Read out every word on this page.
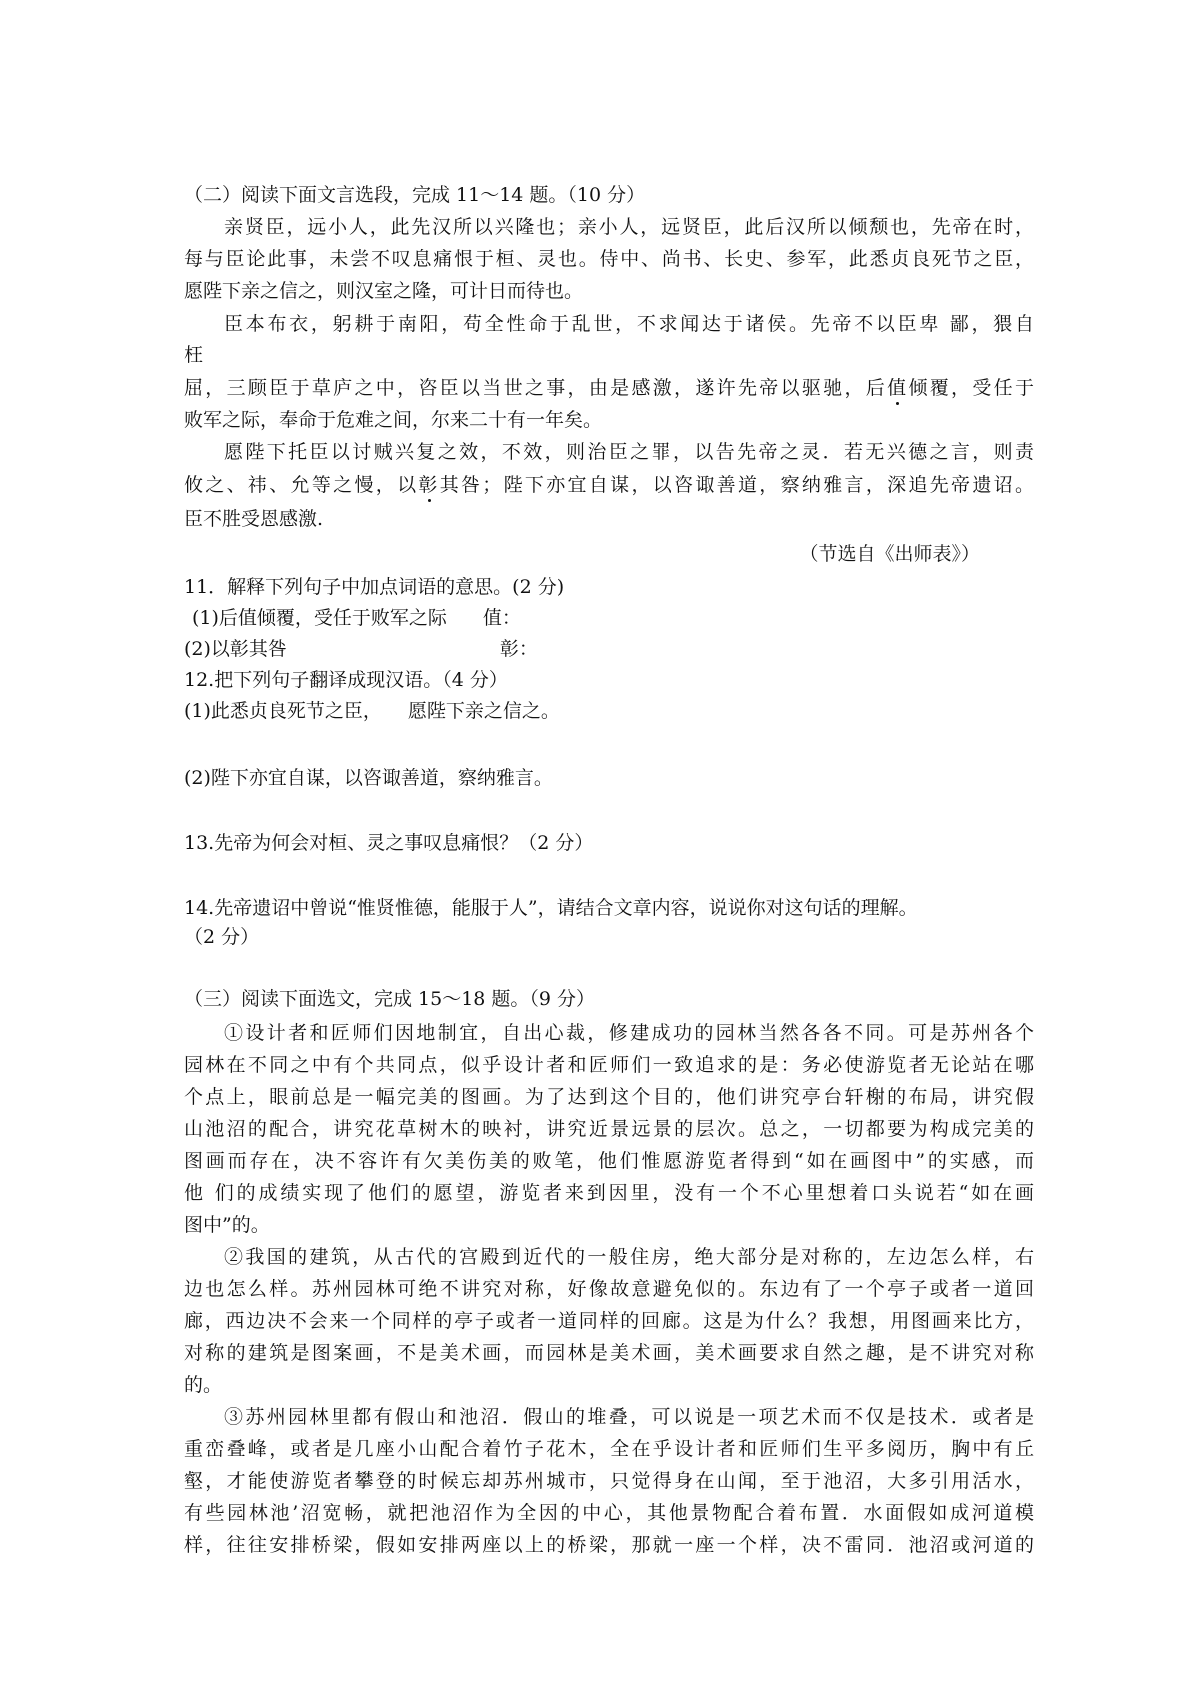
（二）阅读下面文言选段，完成 11～14 题。（10 分）
亲贤臣，远小人，此先汉所以兴隆也；亲小人，远贤臣，此后汉所以倾颓也，先帝在时，
每与臣论此事，未尝不叹息痛恨于桓、灵也。侍中、尚书、长史、参军，此悉贞良死节之臣，
愿陛下亲之信之，则汉室之隆，可计日而待也。
臣本布衣，躬耕于南阳，苟全性命于乱世，不求闻达于诸侯。先帝不以臣卑 鄙，猥自
枉
屈，三顾臣于草庐之中，咨臣以当世之事，由是感激，遂许先帝以驱驰，后值倾覆，受任于
败军之际，奉命于危难之间，尔来二十有一年矣。
愿陛下托臣以讨贼兴复之效，不效，则治臣之罪，以告先帝之灵．若无兴德之言，则责
攸之、祎、允等之慢，以彰其咎；陛下亦宜自谋，以咨诹善道，察纳雅言，深追先帝遗诏。
臣不胜受恩感激.
（节选自《出师表》）
11．解释下列句子中加点词语的意思。(2 分)
(1)后值倾覆，受任于败军之际 值：
(2)以彰其咎	彰：
12.把下列句子翻译成现汉语。（4 分）
(1)此悉贞良死节之臣， 愿陛下亲之信之。
(2)陛下亦宜自谋，以咨诹善道，察纳雅言。
13.先帝为何会对桓、灵之事叹息痛恨？（2 分）
14.先帝遗诏中曾说“惟贤惟德，能服于人”，请结合文章内容，说说你对这句话的理解。
（2 分）
（三）阅读下面选文，完成 15～18 题。（9 分）
①设计者和匠师们因地制宜，自出心裁，修建成功的园林当然各各不同。可是苏州各个
园林在不同之中有个共同点，似乎设计者和匠师们一致追求的是：务必使游览者无论站在哪
个点上，眼前总是一幅完美的图画。为了达到这个目的，他们讲究亭台轩榭的布局，讲究假
山池沼的配合，讲究花草树木的映衬，讲究近景远景的层次。总之，一切都要为构成完美的
图画而存在，决不容许有欠美伤美的败笔，他们惟愿游览者得到“如在画图中”的实感，而
他 们的成绩实现了他们的愿望，游览者来到因里，没有一个不心里想着口头说若“如在画
图中”的。
②我国的建筑，从古代的宫殿到近代的一般住房，绝大部分是对称的，左边怎么样，右
边也怎么样。苏州园林可绝不讲究对称，好像故意避免似的。东边有了一个亭子或者一道回
廊，西边决不会来一个同样的亭子或者一道同样的回廊。这是为什么？我想，用图画来比方，
对称的建筑是图案画，不是美术画，而园林是美术画，美术画要求自然之趣，是不讲究对称
的。
③苏州园林里都有假山和池沼．假山的堆叠，可以说是一项艺术而不仅是技术．或者是
重峦叠峰，或者是几座小山配合着竹子花木，全在乎设计者和匠师们生平多阅历，胸中有丘
壑，才能使游览者攀登的时候忘却苏州城市，只觉得身在山闻，至于池沼，大多引用活水，
有些园林池’沼宽畅，就把池沼作为全因的中心，其他景物配合着布置．水面假如成河道模
样，往往安排桥梁，假如安排两座以上的桥梁，那就一座一个样，决不雷同．池沼或河道的
